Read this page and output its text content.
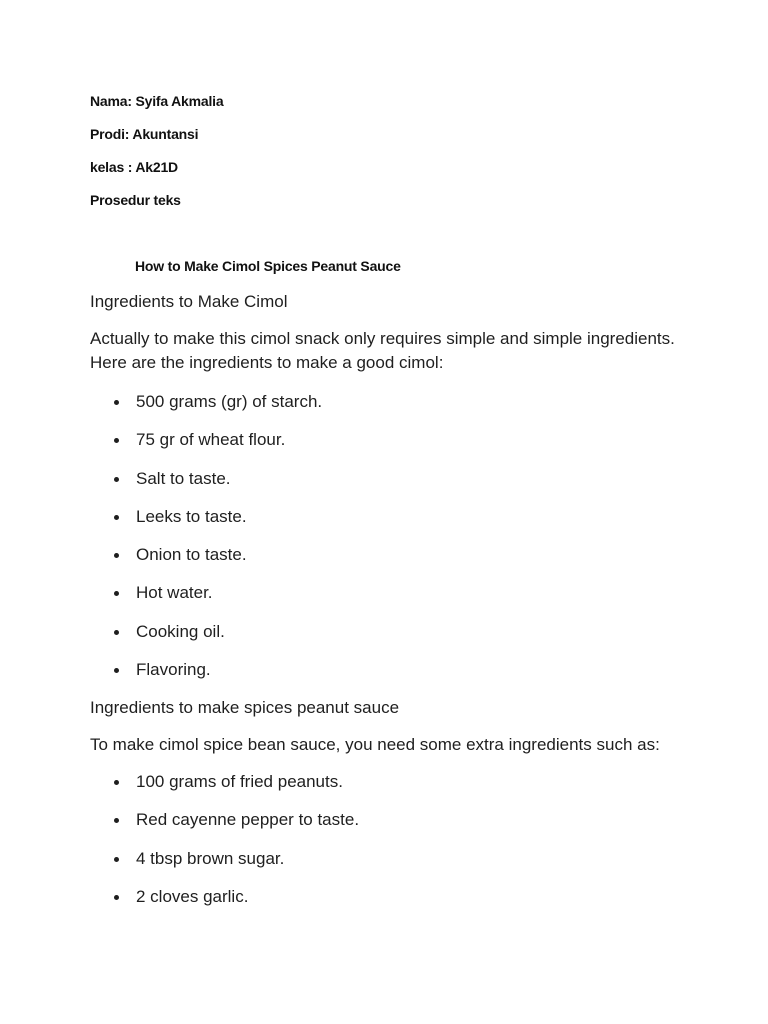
Nama: Syifa Akmalia

Prodi: Akuntansi

kelas : Ak21D

Prosedur teks

How to Make Cimol Spices Peanut Sauce

Ingredients to Make Cimol

Actually to make this cimol snack only requires simple and simple ingredients. Here are the ingredients to make a good cimol:

500 grams (gr) of starch.
75 gr of wheat flour.
Salt to taste.
Leeks to taste.
Onion to taste.
Hot water.
Cooking oil.
Flavoring.

Ingredients to make spices peanut sauce

To make cimol spice bean sauce, you need some extra ingredients such as:

100 grams of fried peanuts.
Red cayenne pepper to taste.
4 tbsp brown sugar.
2 cloves garlic.
